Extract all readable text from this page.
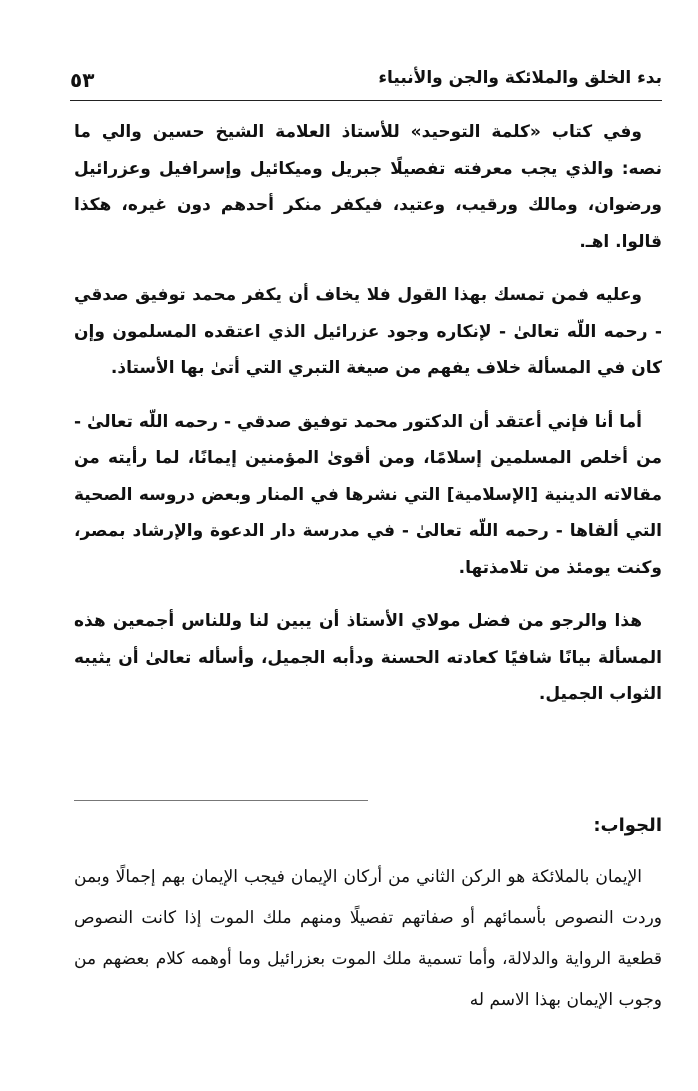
٥٣	بدء الخلق والملائكة والجن والأنبياء

وفي كتاب «كلمة التوحيد» للأستاذ العلامة الشيخ حسين والي ما نصه: والذي يجب معرفته تفصيلًا جبريل وميكائيل وإسرافيل وعزرائيل ورضوان، ومالك ورقيب، وعتيد، فيكفر منكر أحدهم دون غيره، هكذا قالوا. اهـ.

وعليه فمن تمسك بهذا القول فلا يخاف أن يكفر محمد توفيق صدقي - رحمه اللّه تعالىٰ - لإنكاره وجود عزرائيل الذي اعتقده المسلمون وإن كان في المسألة خلاف يفهم من صيغة التبري التي أتىٰ بها الأستاذ.

أما أنا فإني أعتقد أن الدكتور محمد توفيق صدقي - رحمه اللّه تعالىٰ - من أخلص المسلمين إسلامًا، ومن أقوىٰ المؤمنين إيمانًا، لما رأيته من مقالاته الدينية [الإسلامية] التي نشرها في المنار وبعض دروسه الصحية التي ألقاها - رحمه اللّه تعالىٰ - في مدرسة دار الدعوة والإرشاد بمصر، وكنت يومئذ من تلامذتها.

هذا والرجو من فضل مولاي الأستاذ أن يبين لنا وللناس أجمعين هذه المسألة بيانًا شافيًا كعادته الحسنة ودأبه الجميل، وأسأله تعالىٰ أن يثيبه الثواب الجميل.

الجواب:

الإيمان بالملائكة هو الركن الثاني من أركان الإيمان فيجب الإيمان بهم إجمالًا وبمن وردت النصوص بأسمائهم أو صفاتهم تفصيلًا ومنهم ملك الموت إذا كانت النصوص قطعية الرواية والدلالة، وأما تسمية ملك الموت بعزرائيل وما أوهمه كلام بعضهم من وجوب الإيمان بهذا الاسم له
